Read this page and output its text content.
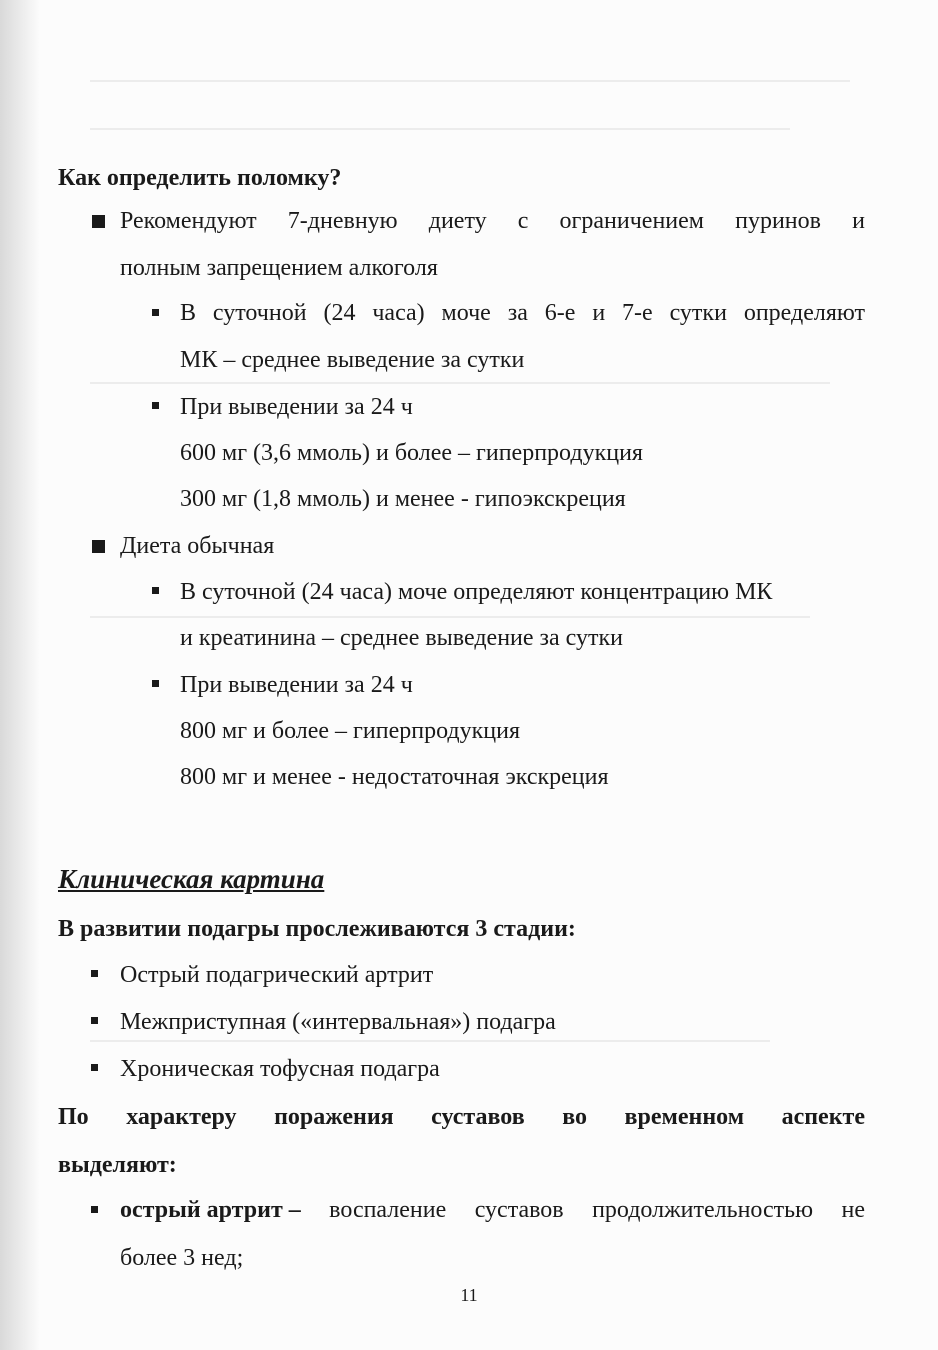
Как определить поломку?
Рекомендуют 7-дневную диету с ограничением пуринов и
полным запрещением алкоголя
В суточной (24 часа) моче за 6-е и 7-е сутки определяют
МК – среднее выведение за сутки
При выведении за 24 ч
600 мг (3,6 ммоль) и более – гиперпродукция
300 мг (1,8 ммоль) и менее - гипоэкскреция
Диета обычная
В суточной (24 часа) моче определяют концентрацию МК
и креатинина – среднее выведение за сутки
При выведении за 24 ч
800 мг и более – гиперпродукция
800 мг и менее - недостаточная экскреция
Клиническая картина
В развитии подагры прослеживаются 3 стадии:
Острый подагрический артрит
Межприступная («интервальная») подагра
Хроническая тофусная подагра
По характеру поражения суставов во временном аспекте
выделяют:
острый артрит – воспаление суставов продолжительностью не
более 3 нед;
11
